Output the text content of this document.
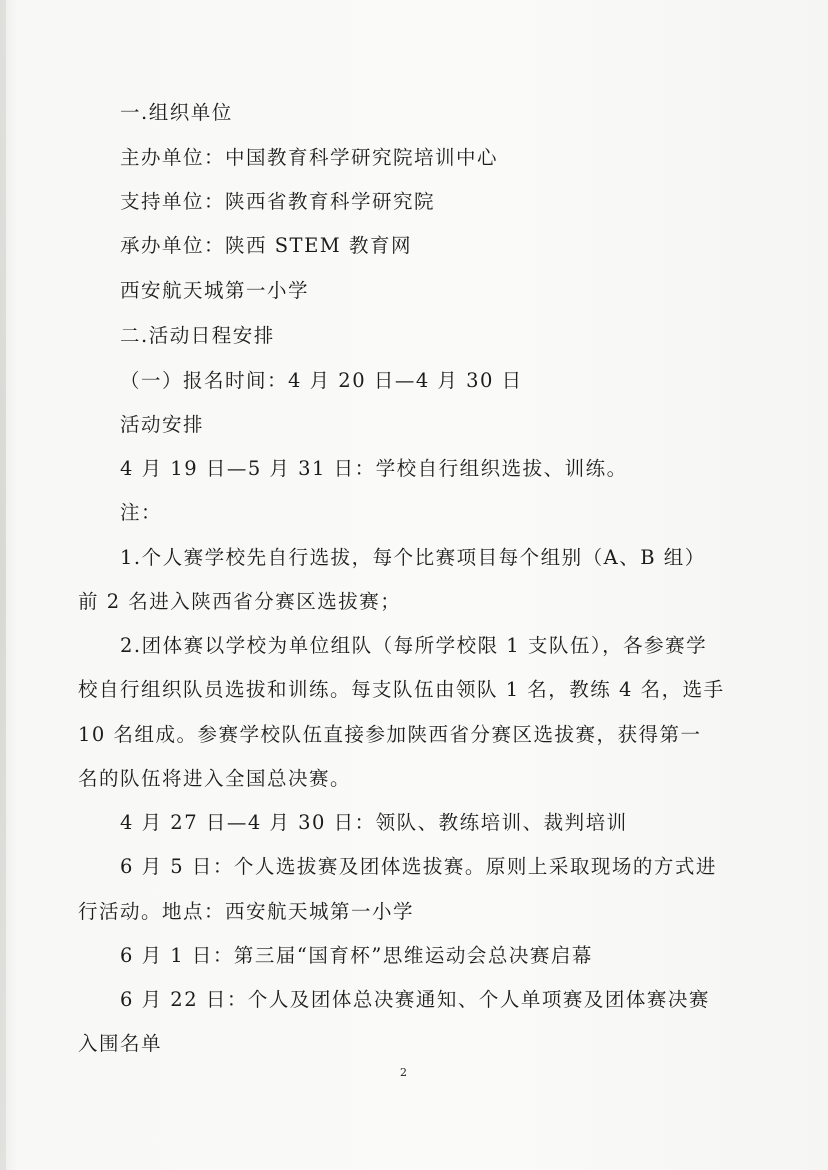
一.组织单位
主办单位：中国教育科学研究院培训中心
支持单位：陕西省教育科学研究院
承办单位：陕西 STEM 教育网
西安航天城第一小学
二.活动日程安排
（一）报名时间：4 月 20 日—4 月 30 日
活动安排
4 月 19 日—5 月 31 日：学校自行组织选拔、训练。
注：
1.个人赛学校先自行选拔，每个比赛项目每个组别（A、B 组）
前 2 名进入陕西省分赛区选拔赛；
2.团体赛以学校为单位组队（每所学校限 1 支队伍），各参赛学
校自行组织队员选拔和训练。每支队伍由领队 1 名，教练 4 名，选手
10 名组成。参赛学校队伍直接参加陕西省分赛区选拔赛，获得第一
名的队伍将进入全国总决赛。
4 月 27 日—4 月 30 日：领队、教练培训、裁判培训
6 月 5 日：个人选拔赛及团体选拔赛。原则上采取现场的方式进
行活动。地点：西安航天城第一小学
6 月 1 日：第三届“国育杯”思维运动会总决赛启幕
6 月 22 日：个人及团体总决赛通知、个人单项赛及团体赛决赛
入围名单
2
